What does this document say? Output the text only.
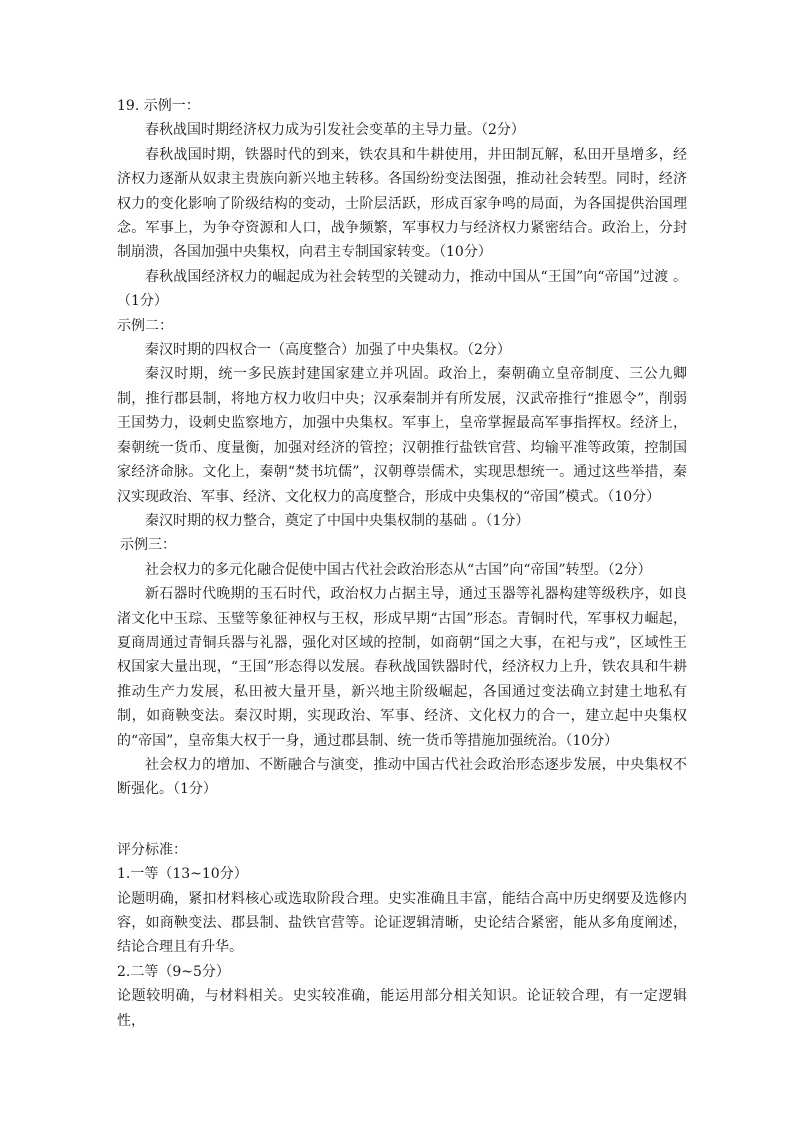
19. 示例一：

春秋战国时期经济权力成为引发社会变革的主导力量。（2分）

春秋战国时期，铁器时代的到来，铁农具和牛耕使用，井田制瓦解，私田开垦增多，经济权力逐渐从奴隶主贵族向新兴地主转移。各国纷纷变法图强，推动社会转型。同时，经济权力的变化影响了阶级结构的变动，士阶层活跃，形成百家争鸣的局面，为各国提供治国理念。军事上，为争夺资源和人口，战争频繁，军事权力与经济权力紧密结合。政治上，分封制崩溃，各国加强中央集权，向君主专制国家转变。（10分）

春秋战国经济权力的崛起成为社会转型的关键动力，推动中国从“王国”向“帝国”过渡 。（1分）

示例二：

秦汉时期的四权合一（高度整合）加强了中央集权。（2分）

秦汉时期，统一多民族封建国家建立并巩固。政治上，秦朝确立皇帝制度、三公九卿制，推行郡县制，将地方权力收归中央；汉承秦制并有所发展，汉武帝推行“推恩令”，削弱王国势力，设刺史监察地方，加强中央集权。军事上，皇帝掌握最高军事指挥权。经济上，秦朝统一货币、度量衡，加强对经济的管控；汉朝推行盐铁官营、均输平准等政策，控制国家经济命脉。文化上，秦朝“焚书坑儒”，汉朝尊崇儒术，实现思想统一。通过这些举措，秦汉实现政治、军事、经济、文化权力的高度整合，形成中央集权的“帝国”模式。（10分）

秦汉时期的权力整合，奠定了中国中央集权制的基础 。（1分）

示例三：

社会权力的多元化融合促使中国古代社会政治形态从“古国”向“帝国”转型。（2分）

新石器时代晚期的玉石时代，政治权力占据主导，通过玉器等礼器构建等级秩序，如良渚文化中玉琮、玉璧等象征神权与王权，形成早期“古国”形态。青铜时代，军事权力崛起，夏商周通过青铜兵器与礼器，强化对区域的控制，如商朝“国之大事，在祀与戎”，区域性王权国家大量出现，“王国”形态得以发展。春秋战国铁器时代，经济权力上升，铁农具和牛耕推动生产力发展，私田被大量开垦，新兴地主阶级崛起，各国通过变法确立封建土地私有制，如商鞅变法。秦汉时期，实现政治、军事、经济、文化权力的合一，建立起中央集权的“帝国”，皇帝集大权于一身，通过郡县制、统一货币等措施加强统治。（10分）

社会权力的增加、不断融合与演变，推动中国古代社会政治形态逐步发展，中央集权不断强化。（1分）

评分标准：

1.一等（13~10分）

论题明确，紧扣材料核心或选取阶段合理。史实准确且丰富，能结合高中历史纲要及选修内容，如商鞅变法、郡县制、盐铁官营等。论证逻辑清晰，史论结合紧密，能从多角度阐述，结论合理且有升华。

2.二等（9~5分）

论题较明确，与材料相关。史实较准确，能运用部分相关知识。论证较合理，有一定逻辑性，
